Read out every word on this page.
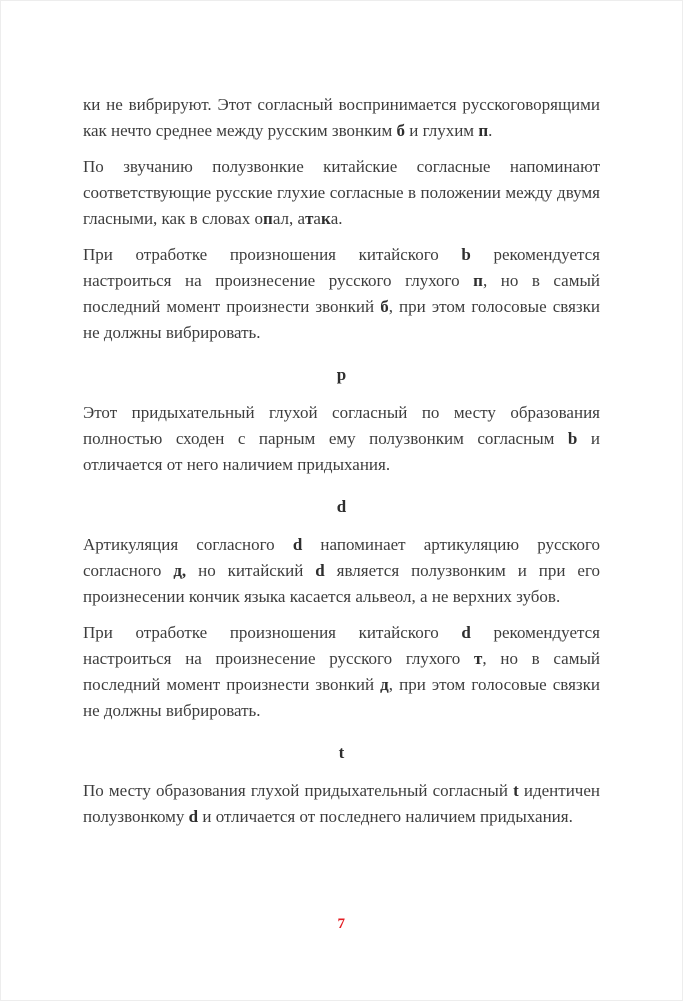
ки не вибрируют. Этот согласный воспринимается русскоговорящими как нечто среднее между русским звонким б и глухим п.

По звучанию полузвонкие китайские согласные напоминают соответствующие русские глухие согласные в положении между двумя гласными, как в словах опал, атака.

При отработке произношения китайского b рекомендуется настроиться на произнесение русского глухого п, но в самый последний момент произнести звонкий б, при этом голосовые связки не должны вибрировать.

p

Этот придыхательный глухой согласный по месту образования полностью сходен с парным ему полузвонким согласным b и отличается от него наличием придыхания.

d

Артикуляция согласного d напоминает артикуляцию русского согласного д, но китайский d является полузвонким и при его произнесении кончик языка касается альвеол, а не верхних зубов.

При отработке произношения китайского d рекомендуется настроиться на произнесение русского глухого т, но в самый последний момент произнести звонкий д, при этом голосовые связки не должны вибрировать.

t

По месту образования глухой придыхательный согласный t идентичен полузвонкому d и отличается от последнего наличием придыхания.

7
